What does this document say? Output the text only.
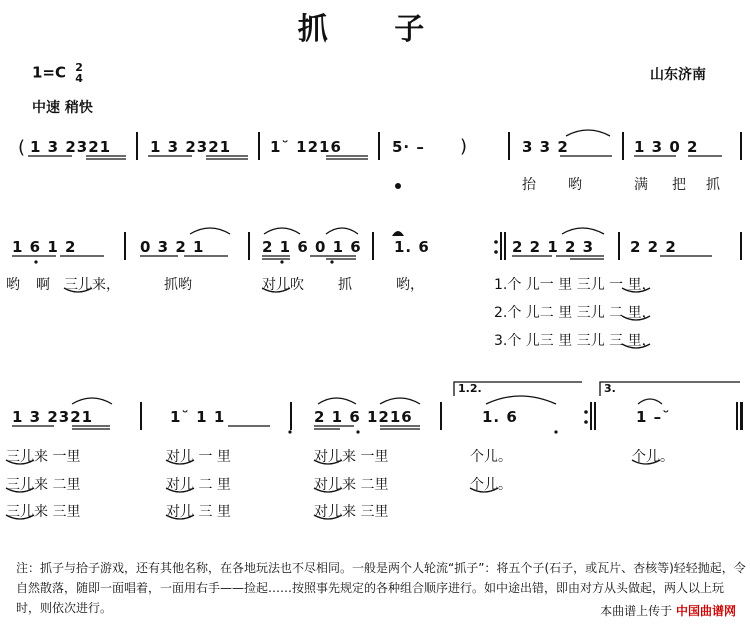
抓 子
山东济南
1=C 2
4
中速 稍快
( 1 3 2321	1 3 2321	1˘ 1216	5· – )	3 3 2	1 3 0 2
抬 哟	满 把 抓
1 6 1 2	0 3 2 1	2 1 6 0 1 6 1. 6	2 2 1 2 3 2 2 2
哟 啊 三儿来，	抓哟	对儿吹 抓	哟，	1.个 儿一 里 三儿 一 里，
2.个 儿二 里 三儿 二 里，
3.个 儿三 里 三儿 三 里，
1 3 2321	1˘ 1 1	2 1 6 1216
1.2.
1. 6
3.
1 –˘
三儿来 一里	对儿 一 里	对儿来 一里	个儿。	个儿。
三儿来 二里	对儿 二 里	对儿来 二里	个儿。
三儿来 三里	对儿 三 里	对儿来 三里
注：抓子与拾子游戏，还有其他名称，在各地玩法也不尽相同。一般是两个人轮流“抓子”：将五个子(石子，或瓦片、杏核等)轻轻抛起，令自然散落，随即一面唱着，一面用右手——捡起……按照事先规定的各种组合顺序进行。如中途出错，即由对方从头做起，两人以上玩时，则依次进行。	本曲谱上传于 中国曲谱网
